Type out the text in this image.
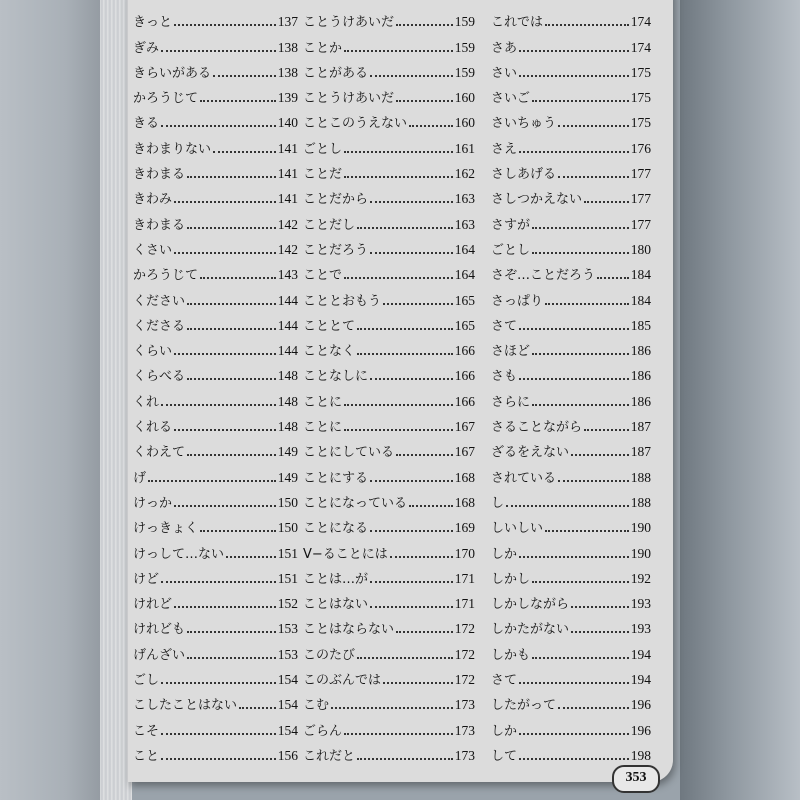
きっと	137
ぎみ	138
きらいがある	138
かろうじて	139
きる	140
きわまりない	141
きわまる	141
きわみ	141
きわまる	142
くさい	142
かろうじて	143
ください	144
くださる	144
くらい	144
くらべる	148
くれ	148
くれる	148
くわえて	149
げ	149
けっか	150
けっきょく	150
けっして…ない	151
けど	151
けれど	152
けれども	153
げんざい	153
ごし	154
こしたことはない	154
こそ	154
こと	156
ことうけあいだ	159
ことか	159
ことがある	159
ことうけあいだ	160
ことこのうえない	160
ごとし	161
ことだ	162
ことだから	163
ことだし	163
ことだろう	164
ことで	164
こととおもう	165
こととて	165
ことなく	166
ことなしに	166
ことに	166
ことに	167
ことにしている	167
ことにする	168
ことになっている	168
ことになる	169
V−ることには	170
ことは…が	171
ことはない	171
ことはならない	172
このたび	172
このぶんでは	172
こむ	173
ごらん	173
これだと	173
これでは	174
さあ	174
さい	175
さいご	175
さいちゅう	175
さえ	176
さしあげる	177
さしつかえない	177
さすが	177
ごとし	180
さぞ…ことだろう	184
さっぱり	184
さて	185
さほど	186
さも	186
さらに	186
さることながら	187
ざるをえない	187
されている	188
し	188
しいしい	190
しか	190
しかし	192
しかしながら	193
しかたがない	193
しかも	194
さて	194
したがって	196
しか	196
して	198
353
